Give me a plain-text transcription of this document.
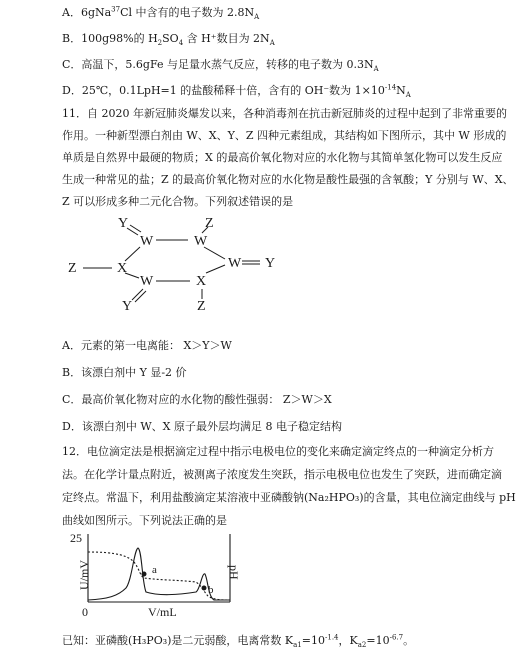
A．6gNa$^{37}$Cl 中含有的电子数为 $2.8N_A$
B．100g98%的 $H_2SO_4$ 含 H⁺数目为 $2N_A$
C．高温下，5.6gFe 与足量水蒸气反应，转移的电子数为 $0.3N_A$
D．25℃，0.1LpH=1 的盐酸稀释十倍，含有的 OH⁻数为 $1\times 10^{-14}N_A$
11．自 2020 年新冠肺炎爆发以来，各种消毒剂在抗击新冠肺炎的过程中起到了非常重要的
作用。一种新型漂白剂由 W、X、Y、Z 四种元素组成，其结构如下图所示，其中 W 形成的
单质是自然界中最硬的物质；X 的最高价氧化物对应的水化物与其简单氢化物可以发生反应
生成一种常见的盐；Z 的最高价氧化物对应的水化物是酸性最强的含氧酸；Y 分别与 W、X、
Z 可以形成多种二元化合物。下列叙述错误的是
Y
W	W
Z
Z	X	W Y
W	X
Y	Z
A．元素的第一电离能： X＞Y＞W
B．该漂白剂中 Y 显-2 价
C．最高价氧化物对应的水化物的酸性强弱： Z＞W＞X
D．该漂白剂中 W、X 原子最外层均满足 8 电子稳定结构
12．电位滴定法是根据滴定过程中指示电极电位的变化来确定滴定终点的一种滴定分析方
法。在化学计量点附近，被测离子浓度发生突跃，指示电极电位也发生了突跃，进而确定滴
定终点。常温下，利用盐酸滴定某溶液中亚磷酸钠(Na₂HPO₃)的含量，其电位滴定曲线与 pH
曲线如图所示。下列说法正确的是
25
0	V/mL
U/mV	pH
a
b
已知：亚磷酸(H₃PO₃)是二元弱酸，电离常数 $K_{a1}=10^{-1.4}$，$K_{a2}=10^{-6.7}$。
